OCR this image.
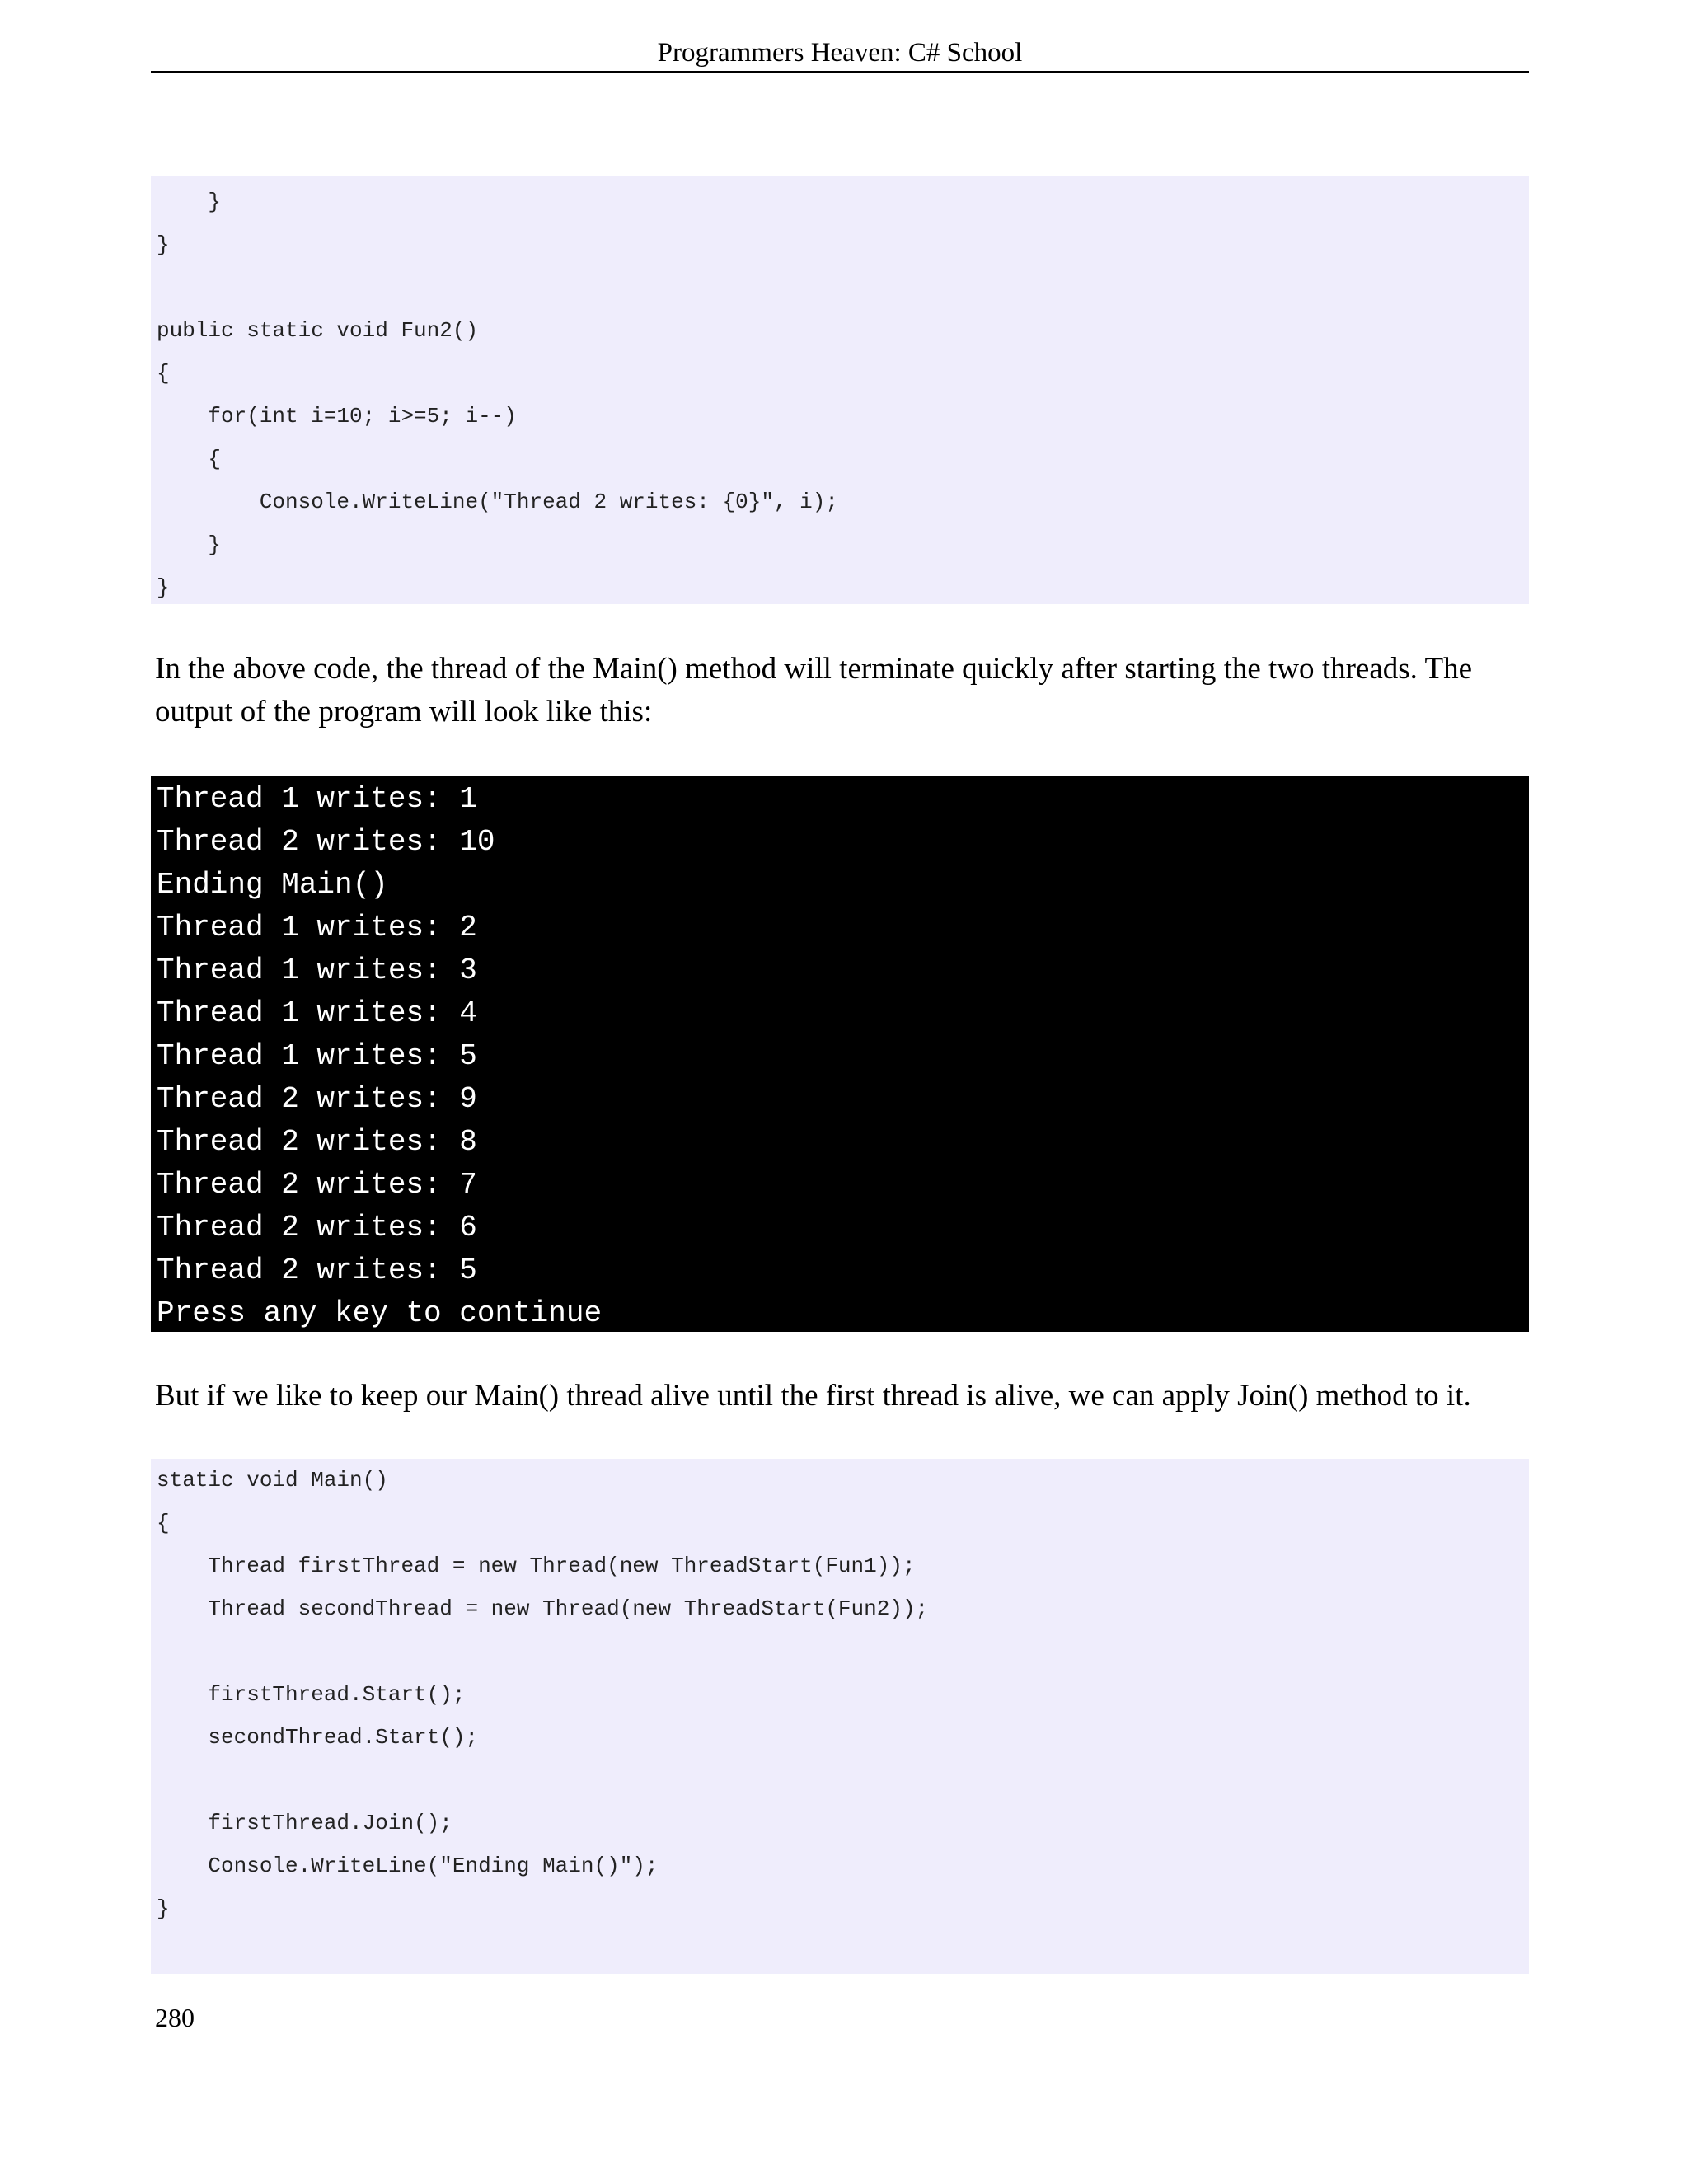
Programmers Heaven: C# School
}
}
public static void Fun2()
{
for(int i=10; i>=5; i--)
{
Console.WriteLine("Thread 2 writes: {0}", i);
}
}

In the above code, the thread of the Main() method will terminate quickly after starting the two threads. The output of the program will look like this:

Thread 1 writes: 1
Thread 2 writes: 10
Ending Main()
Thread 1 writes: 2
Thread 1 writes: 3
Thread 1 writes: 4
Thread 1 writes: 5
Thread 2 writes: 9
Thread 2 writes: 8
Thread 2 writes: 7
Thread 2 writes: 6
Thread 2 writes: 5
Press any key to continue

But if we like to keep our Main() thread alive until the first thread is alive, we can apply Join() method to it.

static void Main()
{
Thread firstThread = new Thread(new ThreadStart(Fun1));
Thread secondThread = new Thread(new ThreadStart(Fun2));
firstThread.Start();
secondThread.Start();
firstThread.Join();
Console.WriteLine("Ending Main()");
}
280
